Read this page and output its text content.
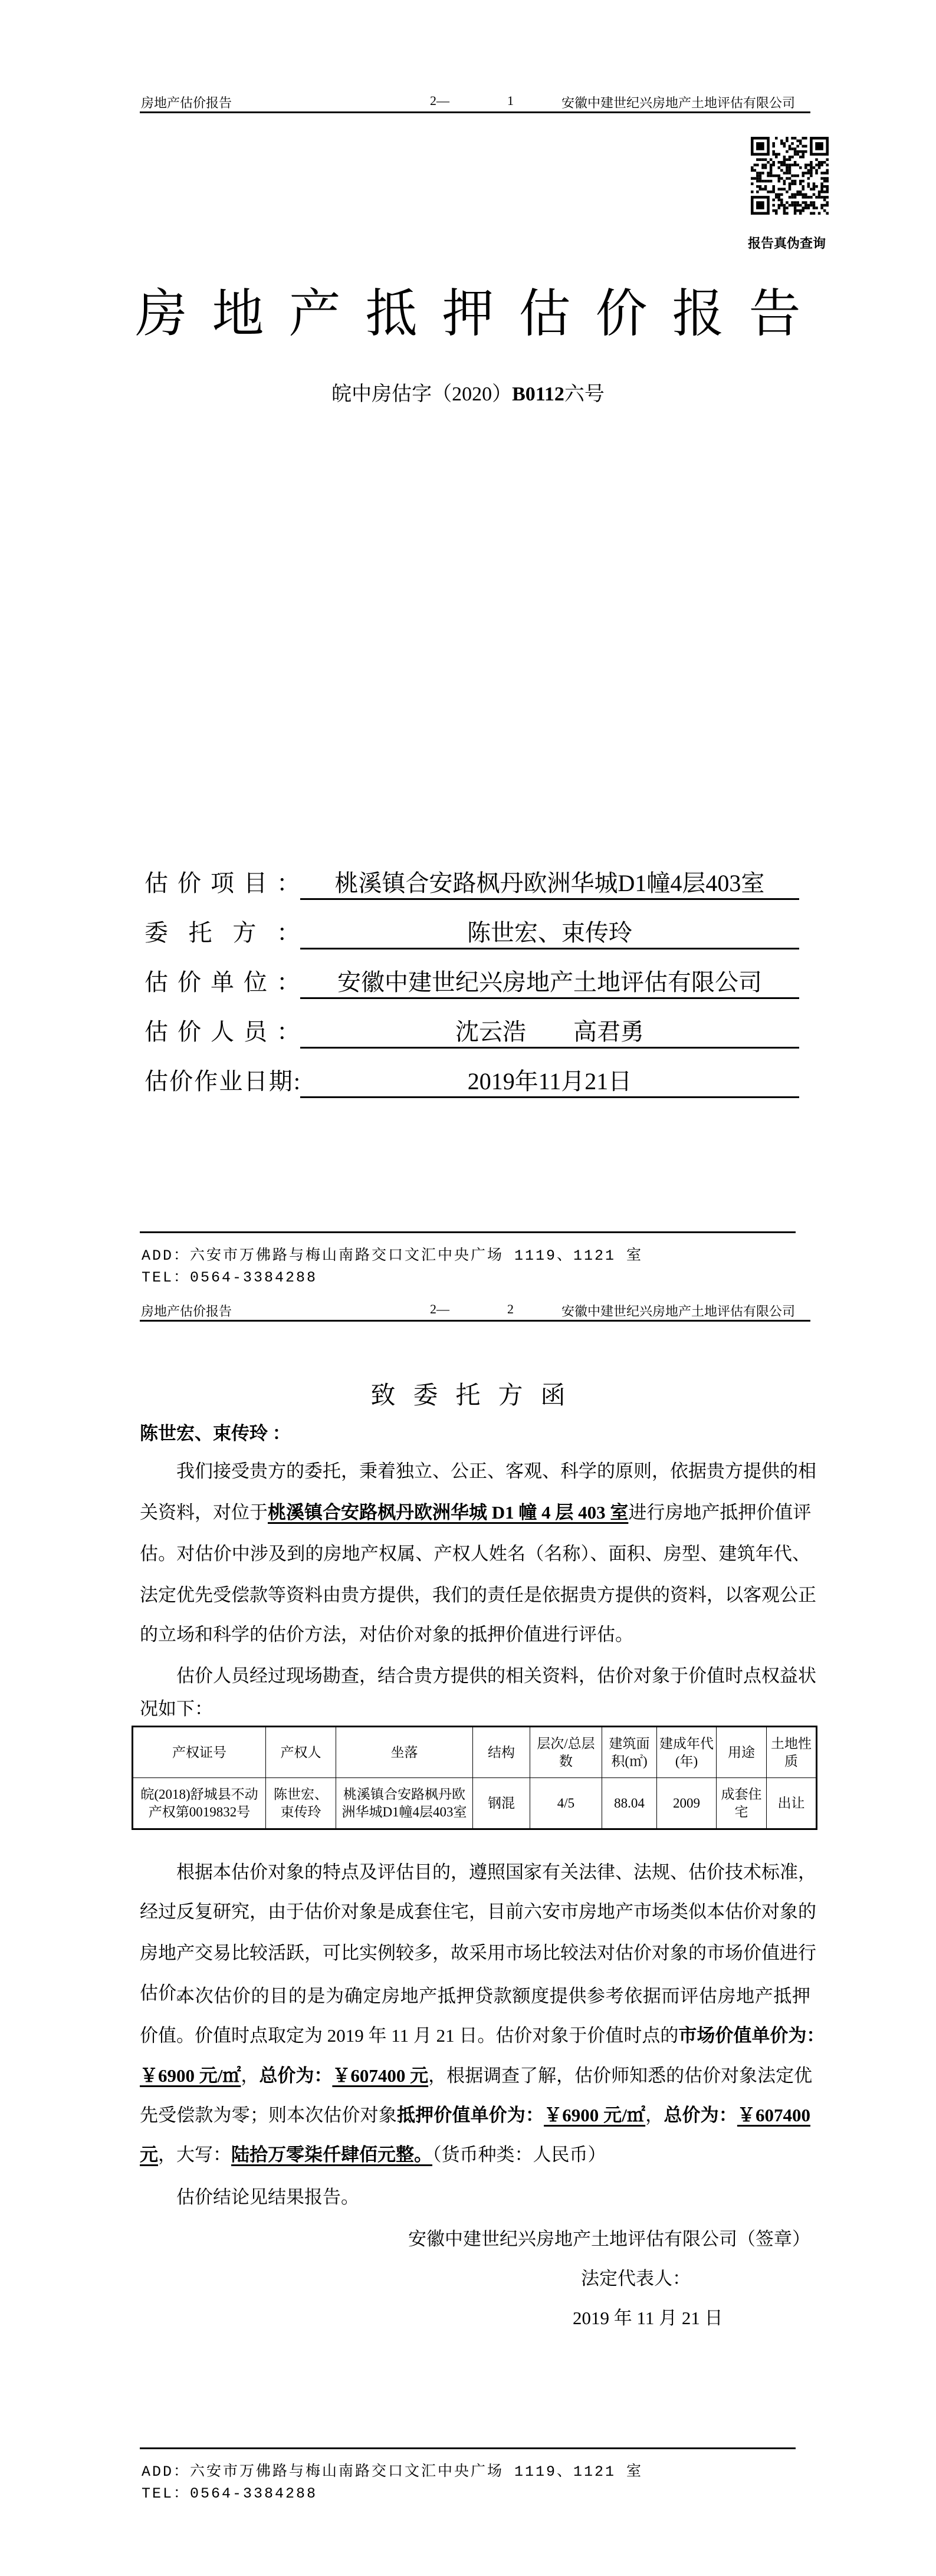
房地产估价报告	2—	1	安徽中建世纪兴房地产土地评估有限公司
报告真伪查询
房地产抵押估价报告
皖中房估字（2020）B0112六号
估价项目：	桃溪镇合安路枫丹欧洲华城D1幢4层403室
委托方：	陈世宏、束传玲
估价单位：	安徽中建世纪兴房地产土地评估有限公司
估价人员：	沈云浩　　高君勇
估价作业日期:	2019年11月21日
ADD：六安市万佛路与梅山南路交口文汇中央广场 1119、1121 室
TEL：0564-3384288
房地产估价报告	2—	2	安徽中建世纪兴房地产土地评估有限公司
致委托方函
陈世宏、束传玲 ：
我们接受贵方的委托，秉着独立、公正、客观、科学的原则，依据贵方提供的相
关资料，对位于桃溪镇合安路枫丹欧洲华城 D1 幢 4 层 403 室进行房地产抵押价值评
估。对估价中涉及到的房地产权属、产权人姓名（名称）、面积、房型、建筑年代、
法定优先受偿款等资料由贵方提供，我们的责任是依据贵方提供的资料，以客观公正
的立场和科学的估价方法，对估价对象的抵押价值进行评估。
估价人员经过现场勘查，结合贵方提供的相关资料，估价对象于价值时点权益状
况如下：
产权证号	产权人	坐落	结构	层次/总层数	建筑面积(㎡)	建成年代(年)	用途	土地性质
皖(2018)舒城县不动产权第0019832号	陈世宏、束传玲	桃溪镇合安路枫丹欧洲华城D1幢4层403室	钢混	4/5	88.04	2009	成套住宅	出让
根据本估价对象的特点及评估目的，遵照国家有关法律、法规、估价技术标准，
经过反复研究，由于估价对象是成套住宅，目前六安市房地产市场类似本估价对象的
房地产交易比较活跃，可比实例较多，故采用市场比较法对估价对象的市场价值进行
估价。
本次估价的目的是为确定房地产抵押贷款额度提供参考依据而评估房地产抵押
价值。价值时点取定为 2019 年 11 月 21 日。估价对象于价值时点的市场价值单价为：
￥6900 元/㎡，总价为：￥607400 元，根据调查了解，估价师知悉的估价对象法定优
先受偿款为零；则本次估价对象抵押价值单价为：￥6900 元/㎡，总价为：￥607400
元，大写：陆拾万零柒仟肆佰元整。（货币种类：人民币）
估价结论见结果报告。
安徽中建世纪兴房地产土地评估有限公司（签章）
法定代表人：
2019 年 11 月 21 日
ADD：六安市万佛路与梅山南路交口文汇中央广场 1119、1121 室
TEL：0564-3384288
